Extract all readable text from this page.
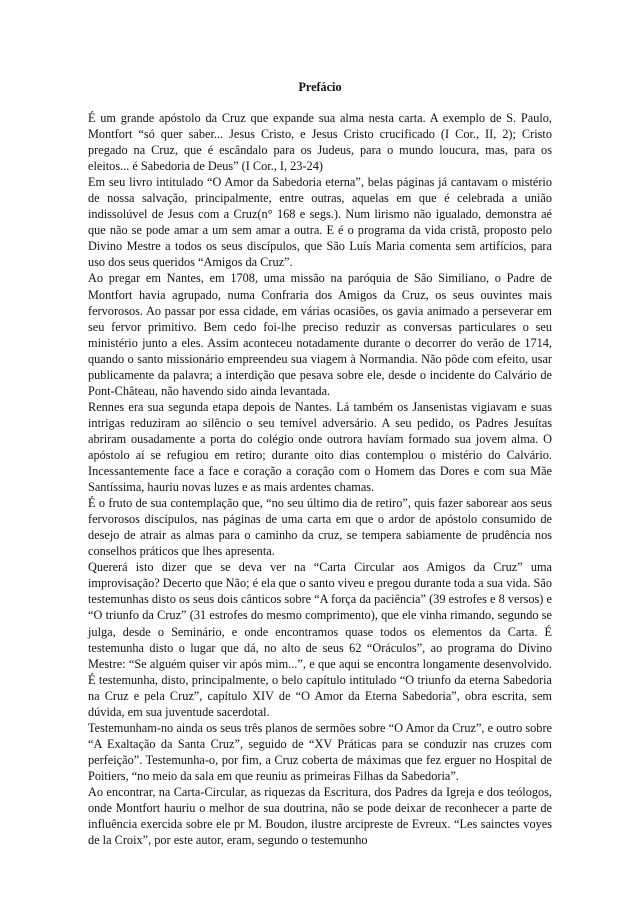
Prefácio

É um grande apóstolo da Cruz que expande sua alma nesta carta. A exemplo de S. Paulo, Montfort “só quer saber... Jesus Cristo, e Jesus Cristo crucificado (I Cor., II, 2); Cristo pregado na Cruz, que é escândalo para os Judeus, para o mundo loucura, mas, para os eleitos... é Sabedoria de Deus” (I Cor., I, 23-24)

Em seu livro intitulado “O Amor da Sabedoria eterna”, belas páginas já cantavam o mistério de nossa salvação, principalmente, entre outras, aquelas em que é celebrada a união indissolúvel de Jesus com a Cruz(n° 168 e segs.). Num lirismo não igualado, demonstra aé que não se pode amar a um sem amar a outra. E é o programa da vida cristã, proposto pelo Divino Mestre a todos os seus discípulos, que São Luís Maria comenta sem artifícios, para uso dos seus queridos “Amigos da Cruz”.

Ao pregar em Nantes, em 1708, uma missão na paróquia de São Similiano, o Padre de Montfort havia agrupado, numa Confraria dos Amigos da Cruz, os seus ouvintes mais fervorosos. Ao passar por essa cidade, em várias ocasiões, os gavia animado a perseverar em seu fervor primitivo. Bem cedo foi-lhe preciso reduzir as conversas particulares o seu ministério junto a eles. Assim aconteceu notadamente durante o decorrer do verão de 1714, quando o santo missionário empreendeu sua viagem à Normandia. Não pôde com efeito, usar publicamente da palavra; a interdição que pesava sobre ele, desde o incidente do Calvário de Pont-Château, não havendo sido ainda levantada.

Rennes era sua segunda etapa depois de Nantes. Lá também os Jansenistas vigiavam e suas intrigas reduziram ao silêncio o seu temível adversário. A seu pedido, os Padres Jesuítas abriram ousadamente a porta do colégio onde outrora havíam formado sua jovem alma. O apóstolo aí se refugiou em retiro; durante oito dias contemplou o mistério do Calvário. Incessantemente face a face e coração a coração com o Homem das Dores e com sua Mãe Santíssima, hauriu novas luzes e as mais ardentes chamas.

É o fruto de sua contemplação que, “no seu último dia de retiro”, quis fazer saborear aos seus fervorosos discípulos, nas páginas de uma carta em que o ardor de apóstolo consumido de desejo de atrair as almas para o caminho da cruz, se tempera sabiamente de prudência nos conselhos práticos que lhes apresenta.

Quererá isto dizer que se deva ver na “Carta Circular aos Amigos da Cruz” uma improvisação? Decerto que Não; é ela que o santo viveu e pregou durante toda a sua vida. São testemunhas disto os seus dois cânticos sobre “A força da paciência” (39 estrofes e 8 versos) e “O triunfo da Cruz” (31 estrofes do mesmo comprimento), que ele vinha rimando, segundo se julga, desde o Seminário, e onde encontramos quase todos os elementos da Carta. É testemunha disto o lugar que dá, no alto de seus 62 “Oráculos”, ao programa do Divino Mestre: “Se alguém quiser vir após mim...”, e que aqui se encontra longamente desenvolvido. É testemunha, disto, principalmente, o belo capítulo intitulado “O triunfo da eterna Sabedoria na Cruz e pela Cruz”, capítulo XIV de “O Amor da Eterna Sabedoria”, obra escrita, sem dúvida, em sua juventude sacerdotal.

Testemunham-no ainda os seus três planos de sermões sobre “O Amor da Cruz”, e outro sobre “A Exaltação da Santa Cruz”, seguido de “XV Práticas para se conduzir nas cruzes com perfeição”. Testemunha-o, por fim, a Cruz coberta de máximas que fez erguer no Hospital de Poitiers, “no meio da sala em que reuniu as primeiras Filhas da Sabedoria”.

Ao encontrar, na Carta-Circular, as riquezas da Escritura, dos Padres da Igreja e dos teólogos, onde Montfort hauriu o melhor de sua doutrina, não se pode deixar de reconhecer a parte de influência exercida sobre ele pr M. Boudon, ilustre arcipreste de Evreux. “Les sainctes voyes de la Croix”, por este autor, eram, segundo o testemunho
